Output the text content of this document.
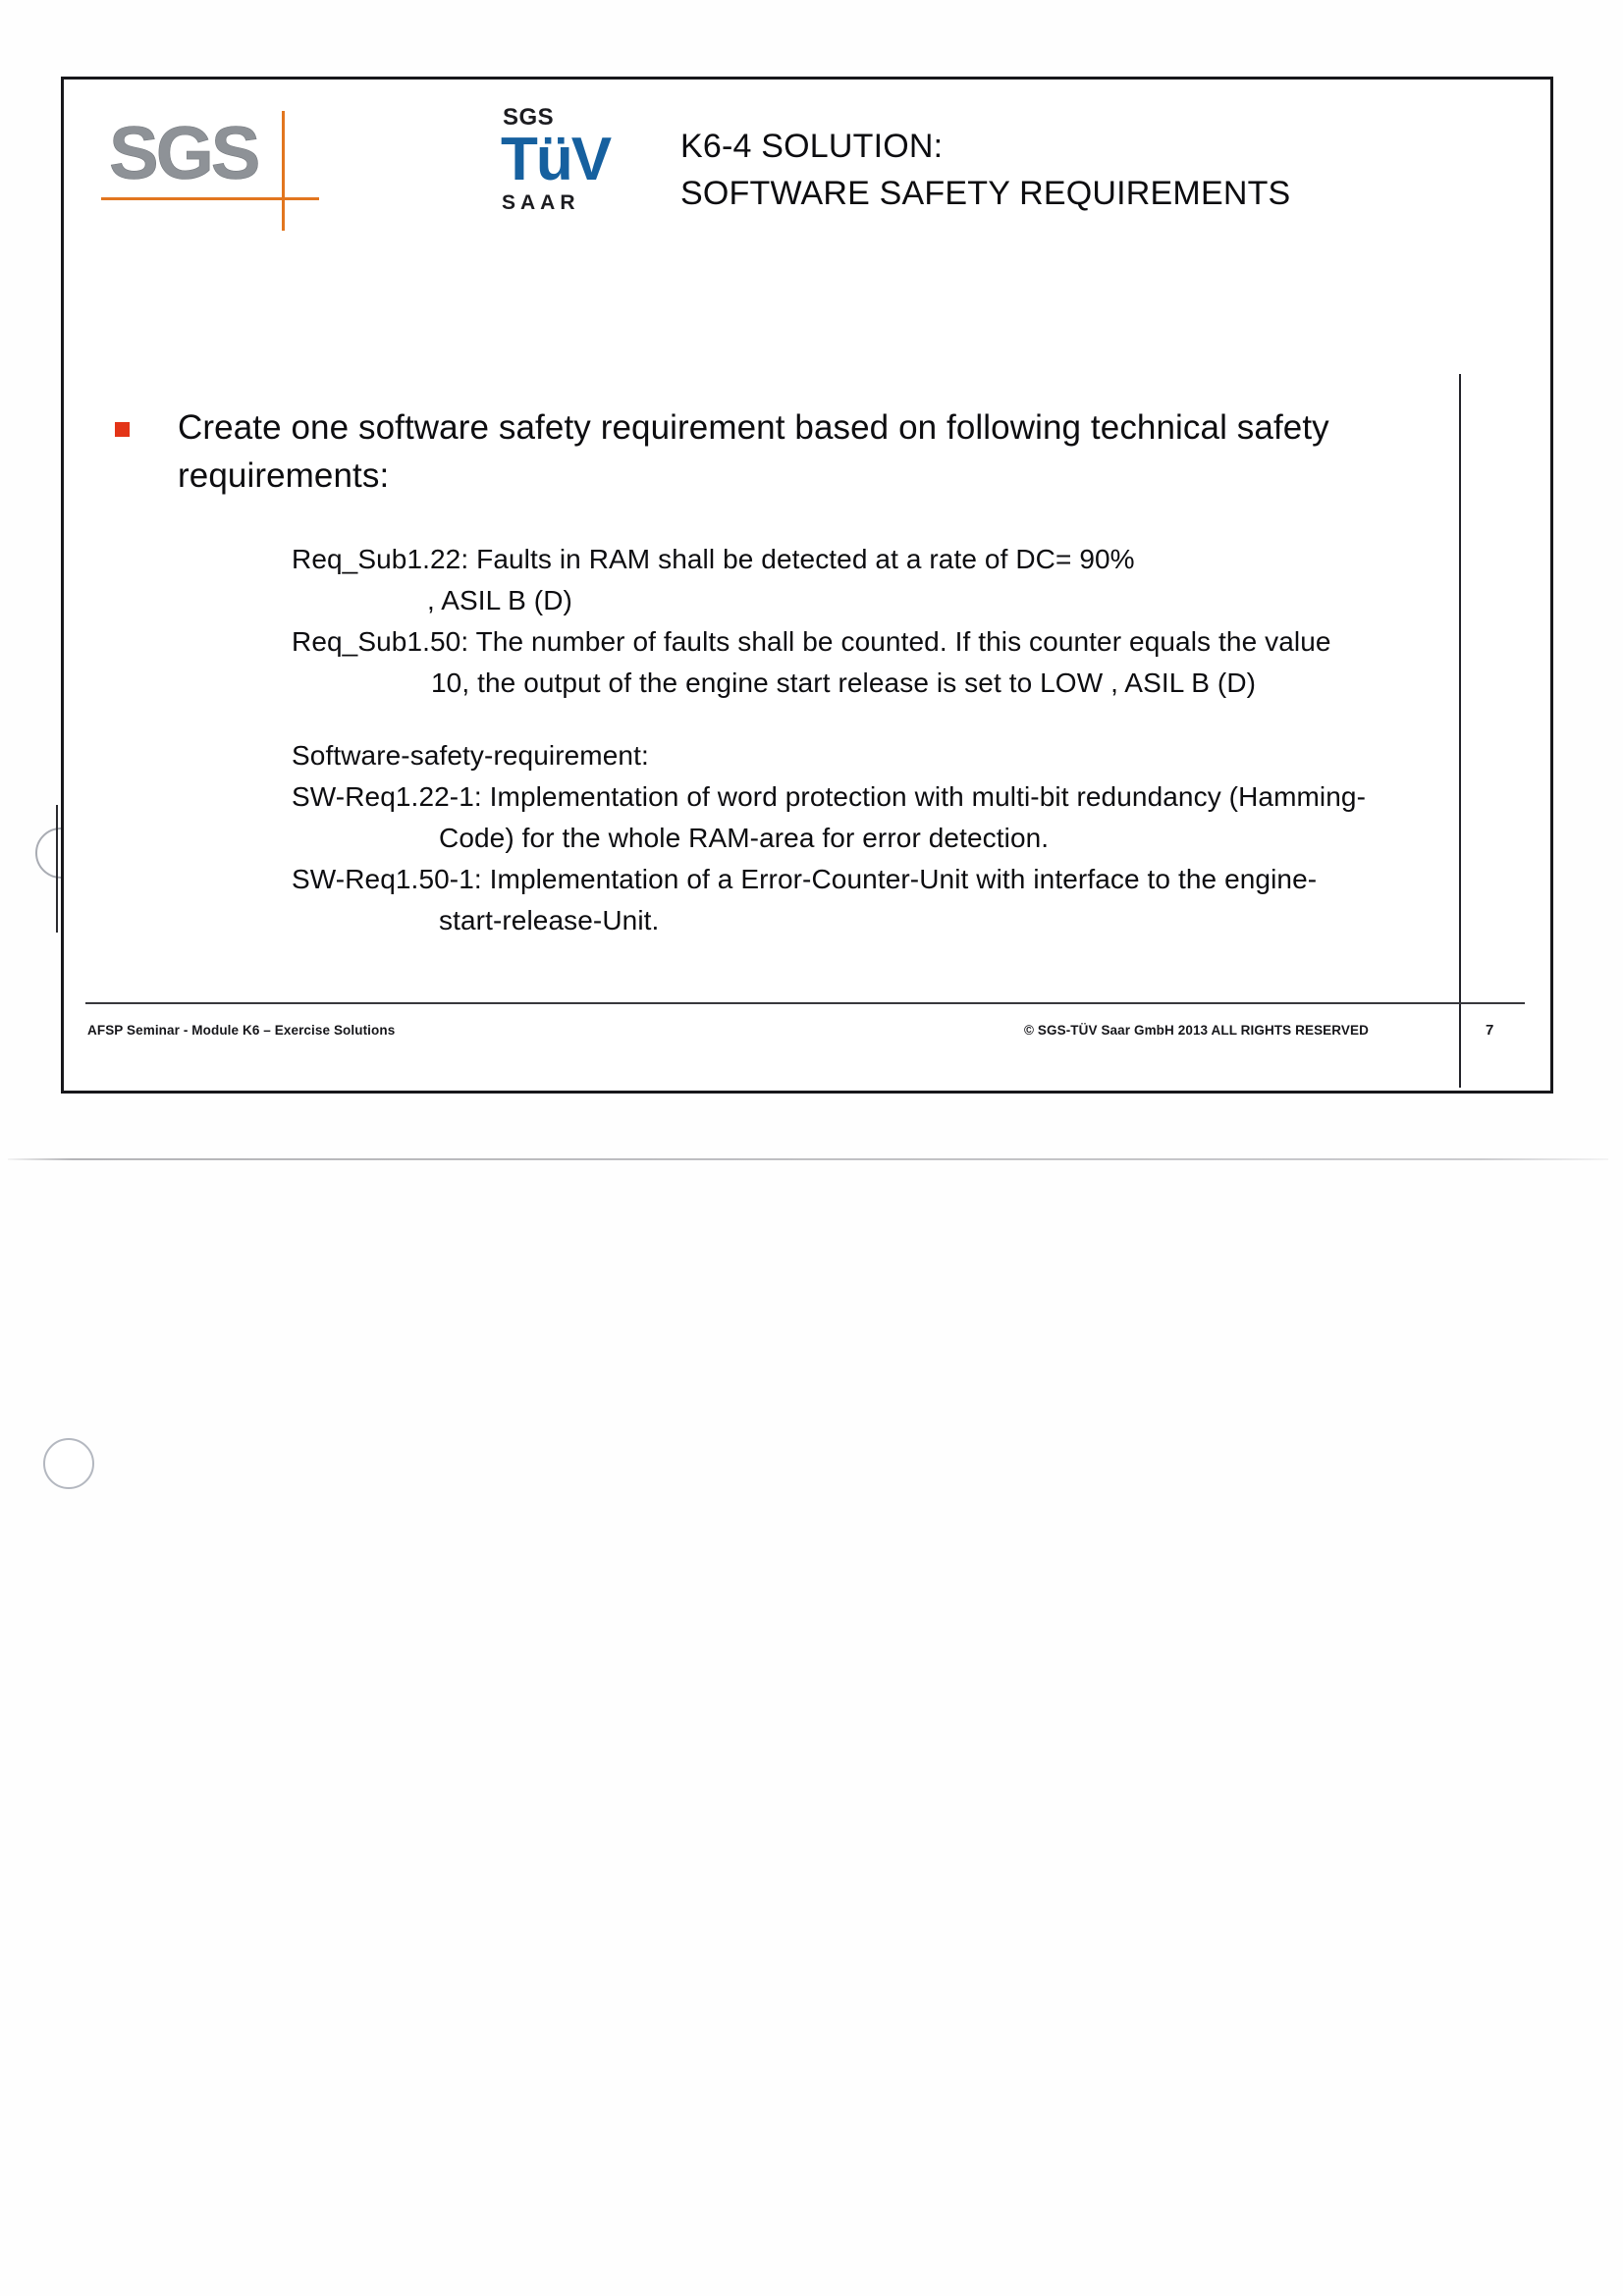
SGS	SGS
TüV
SAAR
K6-4 SOLUTION:
SOFTWARE SAFETY REQUIREMENTS
Create one software safety requirement based on following technical safety requirements:
Req_Sub1.22: Faults in RAM shall be detected at a rate of DC= 90%
, ASIL B (D)
Req_Sub1.50: The number of faults shall be counted. If this counter equals the value
10, the output of the engine start release is set to LOW , ASIL B (D)
Software-safety-requirement:
SW-Req1.22-1: Implementation of word protection with multi-bit redundancy (Hamming-
Code) for the whole RAM-area for error detection.
SW-Req1.50-1: Implementation of a Error-Counter-Unit with interface to the engine-
start-release-Unit.
AFSP Seminar - Module K6 – Exercise Solutions	© SGS-TÜV Saar GmbH 2013 ALL RIGHTS RESERVED	7
